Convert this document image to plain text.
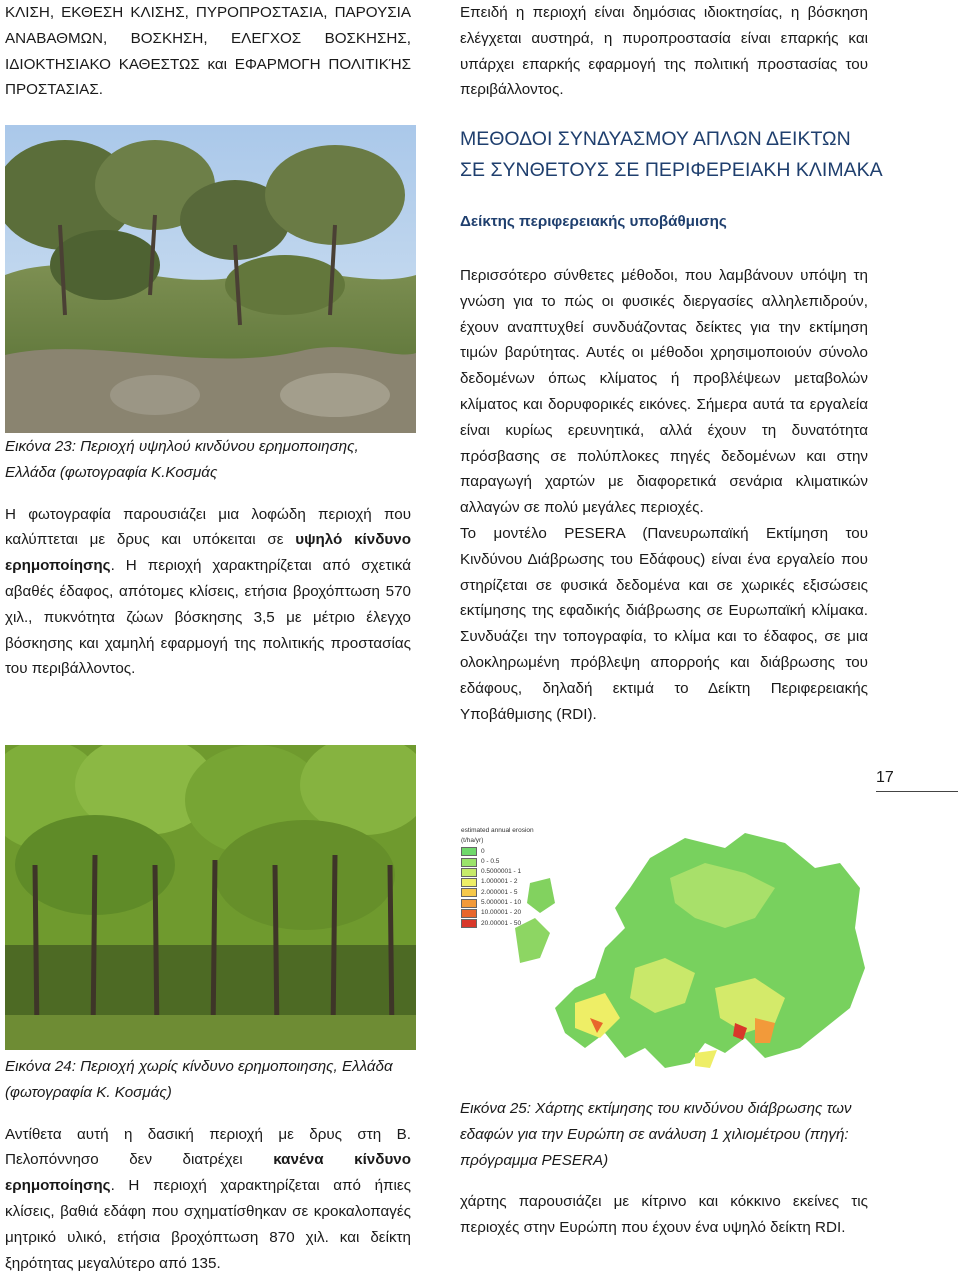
ΚΛΙΣΗ, ΕΚΘΕΣΗ ΚΛΙΣΗΣ, ΠΥΡΟΠΡΟΣΤΑΣΙΑ, ΠΑΡΟΥΣΙΑ ΑΝΑΒΑΘΜΩΝ, ΒΟΣΚΗΣΗ, ΕΛΕΓΧΟΣ ΒΟΣΚΗΣΗΣ, ΙΔΙΟΚΤΗΣΙΑΚΟ ΚΑΘΕΣΤΩΣ και ΕΦΑΡΜΟΓΗ ΠΟΛΙΤΙΚΉΣ ΠΡΟΣΤΑΣΙΑΣ.

Επειδή η περιοχή είναι δημόσιας ιδιοκτησίας, η βόσκηση ελέγχεται αυστηρά, η πυροπροστασία είναι επαρκής και υπάρχει επαρκής εφαρμογή της πολιτική προστασίας του περιβάλλοντος.

Εικόνα 23: Περιοχή υψηλού κινδύνου ερημοποιησης, Ελλάδα (φωτογραφία Κ.Κοσμάς

Η φωτογραφία παρουσιάζει μια λοφώδη περιοχή που καλύπτεται με δρυς και υπόκειται σε υψηλό κίνδυνο ερημοποίησης. Η περιοχή χαρακτηρίζεται από σχετικά αβαθές έδαφος, απότομες κλίσεις, ετήσια βροχόπτωση 570 χιλ., πυκνότητα ζώων βόσκησης 3,5 με μέτριο έλεγχο βόσκησης και χαμηλή εφαρμογή της πολιτικής προστασίας του περιβάλλοντος.

Εικόνα 24: Περιοχή χωρίς κίνδυνο ερημοποιησης, Ελλάδα (φωτογραφία Κ. Κοσμάς)

Αντίθετα αυτή η δασική περιοχή με δρυς στη Β. Πελοπόννησο δεν διατρέχει κανένα κίνδυνο ερημοποίησης. Η περιοχή χαρακτηρίζεται από ήπιες κλίσεις, βαθιά εδάφη που σχηματίσθηκαν σε κροκαλοπαγές μητρικό υλικό, ετήσια βροχόπτωση 870 χιλ. και δείκτη ξηρότητας μεγαλύτερο από 135.

ΜΕΘΟΔΟΙ ΣΥΝΔΥΑΣΜΟΥ ΑΠΛΩΝ ΔΕΙΚΤΩΝ
ΣΕ ΣΥΝΘΕΤΟΥΣ ΣΕ ΠΕΡΙΦΕΡΕΙΑΚΗ ΚΛΙΜΑΚΑ
Δείκτης περιφερειακής υποβάθμισης

Περισσότερο σύνθετες μέθοδοι, που λαμβάνουν υπόψη τη γνώση για το πώς οι φυσικές διεργασίες αλληλεπιδρούν, έχουν αναπτυχθεί συνδυάζοντας δείκτες για την εκτίμηση τιμών βαρύτητας. Αυτές οι μέθοδοι χρησιμοποιούν σύνολο δεδομένων όπως κλίματος ή προβλέψεων μεταβολών κλίματος και δορυφορικές εικόνες. Σήμερα αυτά τα εργαλεία είναι κυρίως ερευνητικά, αλλά έχουν τη δυνατότητα πρόσβασης σε πολύπλοκες πηγές δεδομένων και στην παραγωγή χαρτών με διαφορετικά σενάρια κλιματικών αλλαγών σε πολύ μεγάλες περιοχές.

Το μοντέλο PESERA (Πανευρωπαϊκή Εκτίμηση του Κινδύνου Διάβρωσης του Εδάφους) είναι ένα εργαλείο που στηρίζεται σε φυσικά δεδομένα και σε χωρικές εξισώσεις εκτίμησης της εφαδικής διάβρωσης σε Ευρωπαϊκή κλίμακα. Συνδυάζει την τοπογραφία, το κλίμα και το έδαφος, σε μια ολοκληρωμένη πρόβλεψη απορροής και διάβρωσης του εδάφους, δηλαδή εκτιμά το Δείκτη Περιφερειακής Υποβάθμισης (RDI).

17
estimated annual erosion
(t/ha/yr)
0
0 - 0.5
0.5000001 - 1
1.000001 - 2
2.000001 - 5
5.000001 - 10
10.00001 - 20
20.00001 - 50

Εικόνα 25: Χάρτης εκτίμησης του κινδύνου διάβρωσης των εδαφών για την Ευρώπη σε ανάλυση 1 χιλιομέτρου (πηγή: πρόγραμμα PESERA)

χάρτης παρουσιάζει με κίτρινο και κόκκινο εκείνες τις περιοχές στην Ευρώπη που έχουν ένα υψηλό δείκτη RDI.
